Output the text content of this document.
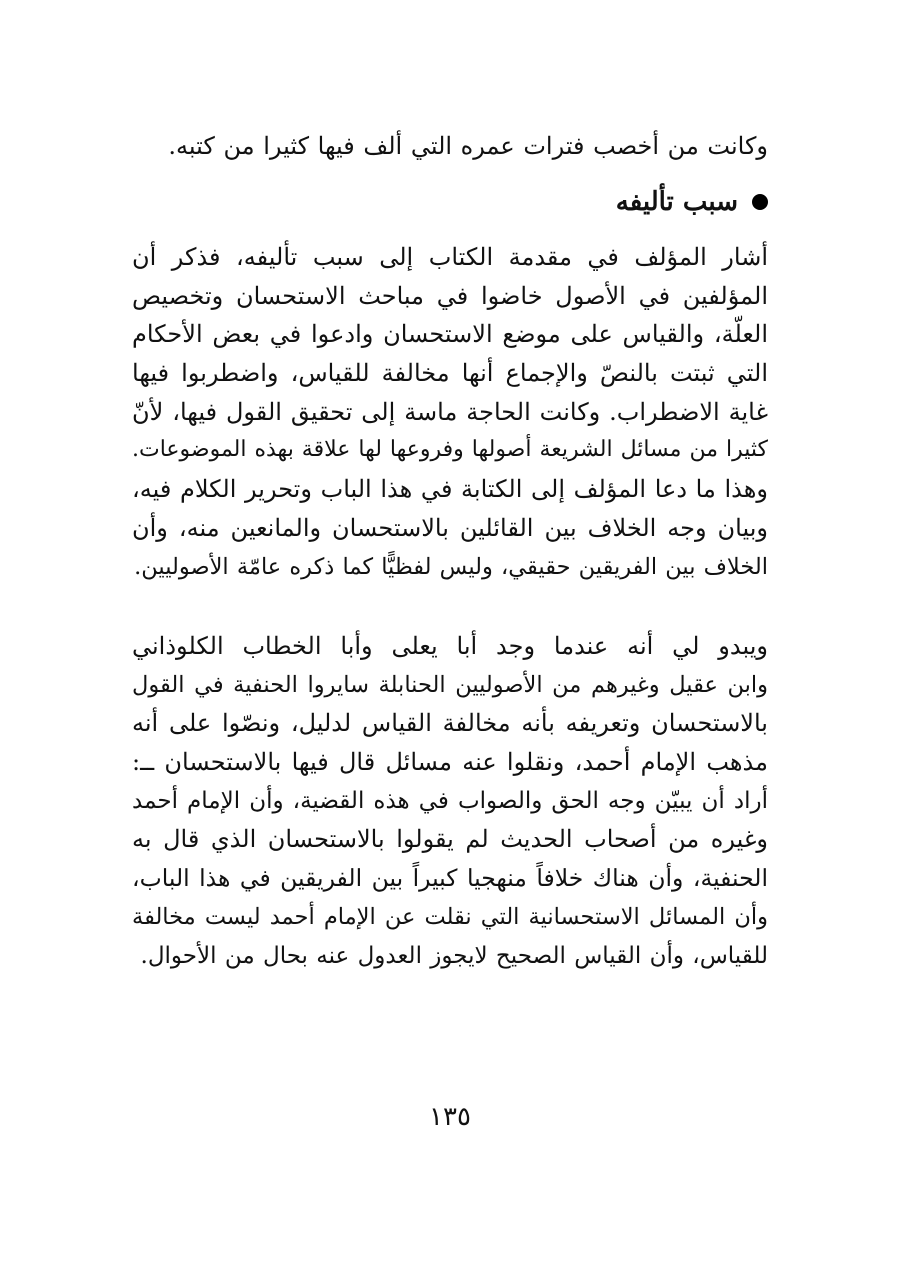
وكانت من أخصب فترات عمره التي ألف فيها كثيرا من كتبه.
سبب تأليفه
أشار المؤلف في مقدمة الكتاب إلى سبب تأليفه، فذكر أن
المؤلفين في الأصول خاضوا في مباحث الاستحسان وتخصيص
العلّة، والقياس على موضع الاستحسان وادعوا في بعض الأحكام
التي ثبتت بالنصّ والإجماع أنها مخالفة للقياس، واضطربوا فيها
غاية الاضطراب. وكانت الحاجة ماسة إلى تحقيق القول فيها، لأنّ
كثيرا من مسائل الشريعة أصولها وفروعها لها علاقة بهذه الموضوعات.
وهذا ما دعا المؤلف إلى الكتابة في هذا الباب وتحرير الكلام فيه،
وبيان وجه الخلاف بين القائلين بالاستحسان والمانعين منه، وأن
الخلاف بين الفريقين حقيقي، وليس لفظيًّا كما ذكره عامّة الأصوليين.
ويبدو لي أنه عندما وجد أبا يعلى وأبا الخطاب الكلوذاني
وابن عقيل وغيرهم من الأصوليين الحنابلة سايروا الحنفية في القول
بالاستحسان وتعريفه بأنه مخالفة القياس لدليل، ونصّوا على أنه
مذهب الإمام أحمد، ونقلوا عنه مسائل قال فيها بالاستحسان ــ:
أراد أن يبيّن وجه الحق والصواب في هذه القضية، وأن الإمام أحمد
وغيره من أصحاب الحديث لم يقولوا بالاستحسان الذي قال به
الحنفية، وأن هناك خلافاً منهجيا كبيراً بين الفريقين في هذا الباب،
وأن المسائل الاستحسانية التي نقلت عن الإمام أحمد ليست مخالفة
للقياس، وأن القياس الصحيح لايجوز العدول عنه بحال من الأحوال.
١٣٥
